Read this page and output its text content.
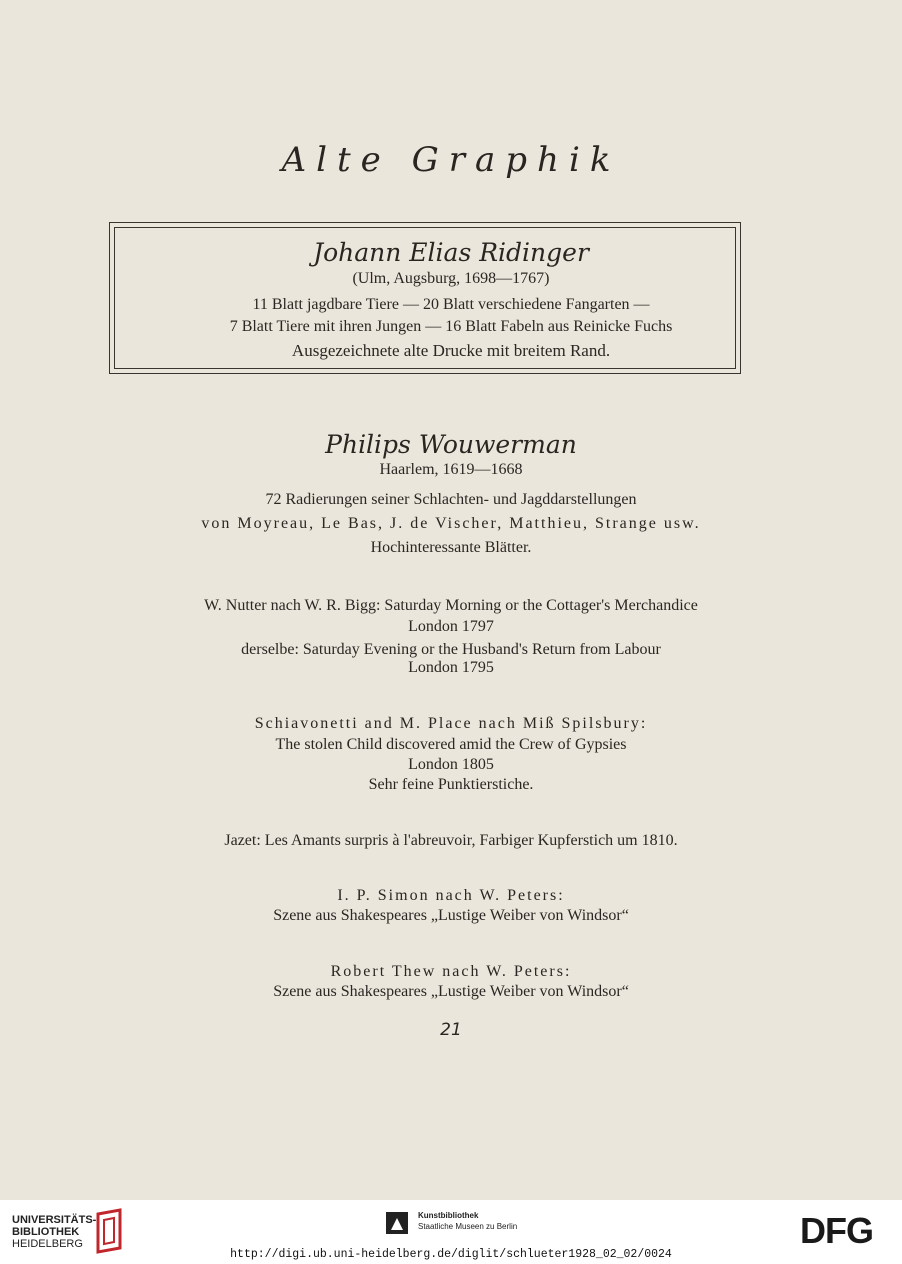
Alte Graphik
Johann Elias Ridinger
(Ulm, Augsburg, 1698—1767)
11 Blatt jagdbare Tiere — 20 Blatt verschiedene Fangarten —
7 Blatt Tiere mit ihren Jungen — 16 Blatt Fabeln aus Reinicke Fuchs
Ausgezeichnete alte Drucke mit breitem Rand.
Philips Wouwerman
Haarlem, 1619—1668
72 Radierungen seiner Schlachten- und Jagddarstellungen
von Moyreau, Le Bas, J. de Vischer, Matthieu, Strange usw.
Hochinteressante Blätter.
W. Nutter nach W. R. Bigg: Saturday Morning or the Cottager's Merchandice
London 1797
derselbe: Saturday Evening or the Husband's Return from Labour
London 1795
Schiavonetti and M. Place nach Miß Spilsbury:
The stolen Child discovered amid the Crew of Gypsies
London 1805
Sehr feine Punktierstiche.
Jazet: Les Amants surpris à l'abreuvoir, Farbiger Kupferstich um 1810.
I. P. Simon nach W. Peters:
Szene aus Shakespeares „Lustige Weiber von Windsor“
Robert Thew nach W. Peters:
Szene aus Shakespeares „Lustige Weiber von Windsor“
21
UNIVERSITÄTS-
BIBLIOTHEK
HEIDELBERG
Kunstbibliothek
Staatliche Museen zu Berlin	DFG
http://digi.ub.uni-heidelberg.de/diglit/schlueter1928_02_02/0024
